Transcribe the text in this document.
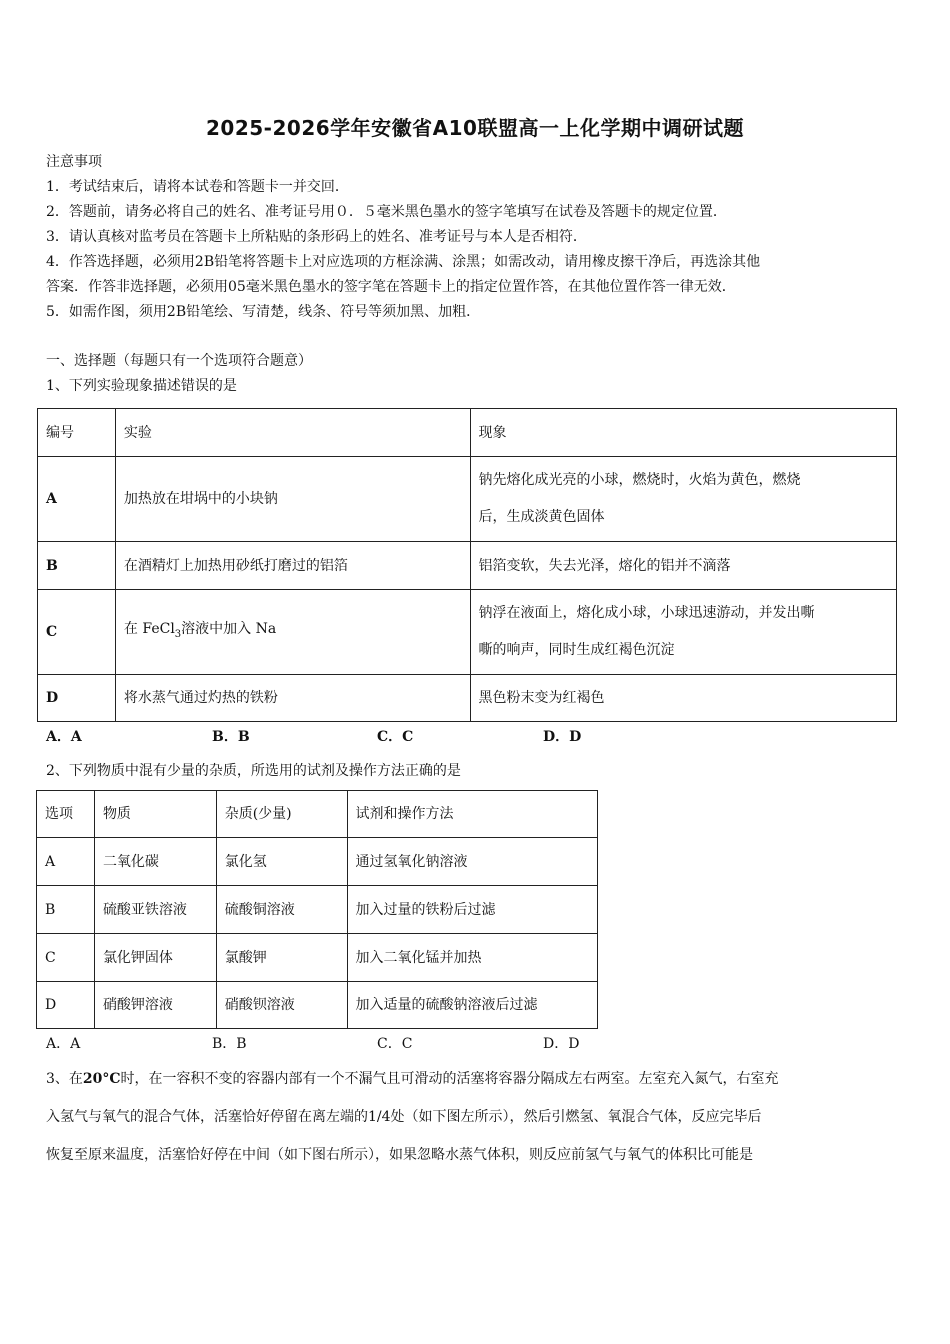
2025-2026学年安徽省A10联盟高一上化学期中调研试题
注意事项
1．考试结束后，请将本试卷和答题卡一并交回．
2．答题前，请务必将自己的姓名、准考证号用０．５毫米黑色墨水的签字笔填写在试卷及答题卡的规定位置．
3．请认真核对监考员在答题卡上所粘贴的条形码上的姓名、准考证号与本人是否相符．
4．作答选择题，必须用2B铅笔将答题卡上对应选项的方框涂满、涂黑；如需改动，请用橡皮擦干净后，再选涂其他
答案．作答非选择题，必须用05毫米黑色墨水的签字笔在答题卡上的指定位置作答，在其他位置作答一律无效．
5．如需作图，须用2B铅笔绘、写清楚，线条、符号等须加黑、加粗．
一、选择题（每题只有一个选项符合题意）
1、下列实验现象描述错误的是
编号	实验	现象
A	加热放在坩埚中的小块钠	钠先熔化成光亮的小球，燃烧时，火焰为黄色，燃烧
后，生成淡黄色固体
B	在酒精灯上加热用砂纸打磨过的铝箔	铝箔变软，失去光泽，熔化的铝并不滴落
C	在 FeCl$_3$溶液中加入 Na	钠浮在液面上，熔化成小球，小球迅速游动，并发出嘶
嘶的响声，同时生成红褐色沉淀
D	将水蒸气通过灼热的铁粉	黑色粉末变为红褐色
A．A	B．B	C．C	D．D
2、下列物质中混有少量的杂质，所选用的试剂及操作方法正确的是
选项	物质	杂质(少量)	试剂和操作方法
A	二氧化碳	氯化氢	通过氢氧化钠溶液
B	硫酸亚铁溶液	硫酸铜溶液	加入过量的铁粉后过滤
C	氯化钾固体	氯酸钾	加入二氧化锰并加热
D	硝酸钾溶液	硝酸钡溶液	加入适量的硫酸钠溶液后过滤
A．A	B．B	C．C	D．D
3、在20°C时，在一容积不变的容器内部有一个不漏气且可滑动的活塞将容器分隔成左右两室。左室充入氮气，右室充
入氢气与氧气的混合气体，活塞恰好停留在离左端的1/4处（如下图左所示），然后引燃氢、氧混合气体，反应完毕后
恢复至原来温度，活塞恰好停在中间（如下图右所示），如果忽略水蒸气体积，则反应前氢气与氧气的体积比可能是
